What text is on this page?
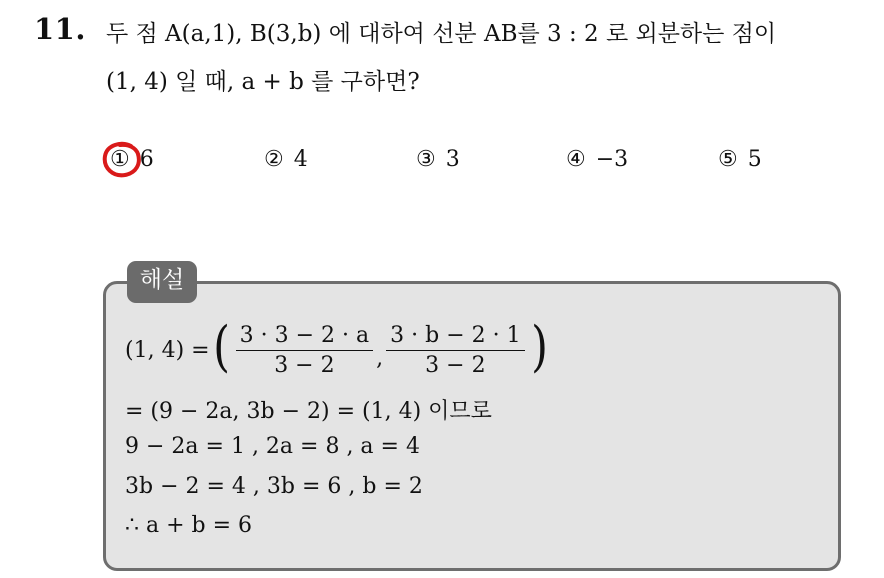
11. 두 점 A(a,1), B(3,b) 에 대하여 선분 AB를 3 : 2 로 외분하는 점이
(1, 4) 일 때, a + b 를 구하면?
① 6	② 4	③ 3	④ −3	⑤ 5
해설
(1, 4) = ( $\frac{3 \cdot 3 - 2 \cdot a}{3 - 2}$ , $\frac{3 \cdot b - 2 \cdot 1}{3 - 2}$ )
= (9 − 2a, 3b − 2) = (1, 4) 이므로
9 − 2a = 1 , 2a = 8 , a = 4
3b − 2 = 4 , 3b = 6 , b = 2
∴ a + b = 6
